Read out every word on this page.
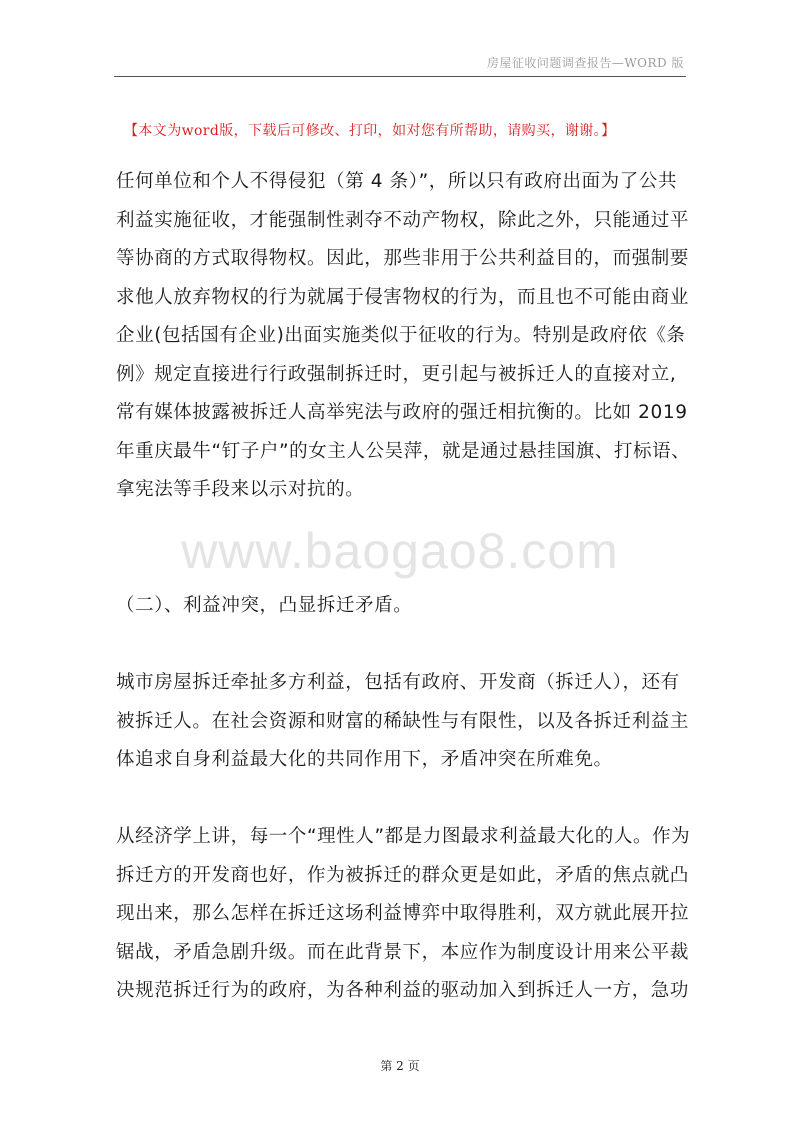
房屋征收问题调查报告—WORD 版
【本文为word版，下载后可修改、打印，如对您有所帮助，请购买，谢谢。】
任何单位和个人不得侵犯（第 4 条）”，所以只有政府出面为了公共
利益实施征收，才能强制性剥夺不动产物权，除此之外，只能通过平
等协商的方式取得物权。因此，那些非用于公共利益目的，而强制要
求他人放弃物权的行为就属于侵害物权的行为，而且也不可能由商业
企业(包括国有企业)出面实施类似于征收的行为。特别是政府依《条
例》规定直接进行行政强制拆迁时，更引起与被拆迁人的直接对立,
常有媒体披露被拆迁人高举宪法与政府的强迁相抗衡的。比如 2019
年重庆最牛“钉子户”的女主人公吴萍，就是通过悬挂国旗、打标语、
拿宪法等手段来以示对抗的。
www.baogao8.com
（二）、利益冲突，凸显拆迁矛盾。
城市房屋拆迁牵扯多方利益，包括有政府、开发商（拆迁人），还有
被拆迁人。在社会资源和财富的稀缺性与有限性，以及各拆迁利益主
体追求自身利益最大化的共同作用下，矛盾冲突在所难免。
从经济学上讲，每一个“理性人”都是力图最求利益最大化的人。作为
拆迁方的开发商也好，作为被拆迁的群众更是如此，矛盾的焦点就凸
现出来，那么怎样在拆迁这场利益博弈中取得胜利，双方就此展开拉
锯战，矛盾急剧升级。而在此背景下，本应作为制度设计用来公平裁
决规范拆迁行为的政府，为各种利益的驱动加入到拆迁人一方，急功
第 2 页
